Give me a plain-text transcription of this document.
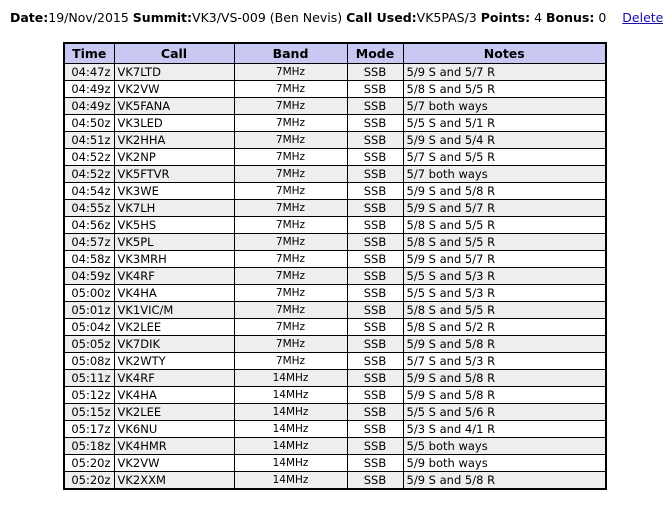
Date:19/Nov/2015 Summit:VK3/VS-009 (Ben Nevis) Call Used:VK5PAS/3 Points: 4 Bonus: 0 Delete
Time	Call	Band	Mode	Notes
04:47z	VK7LTD	7MHz	SSB	5/9 S and 5/7 R
04:49z	VK2VW	7MHz	SSB	5/8 S and 5/5 R
04:49z	VK5FANA	7MHz	SSB	5/7 both ways
04:50z	VK3LED	7MHz	SSB	5/5 S and 5/1 R
04:51z	VK2HHA	7MHz	SSB	5/9 S and 5/4 R
04:52z	VK2NP	7MHz	SSB	5/7 S and 5/5 R
04:52z	VK5FTVR	7MHz	SSB	5/7 both ways
04:54z	VK3WE	7MHz	SSB	5/9 S and 5/8 R
04:55z	VK7LH	7MHz	SSB	5/9 S and 5/7 R
04:56z	VK5HS	7MHz	SSB	5/8 S and 5/5 R
04:57z	VK5PL	7MHz	SSB	5/8 S and 5/5 R
04:58z	VK3MRH	7MHz	SSB	5/9 S and 5/7 R
04:59z	VK4RF	7MHz	SSB	5/5 S and 5/3 R
05:00z	VK4HA	7MHz	SSB	5/5 S and 5/3 R
05:01z	VK1VIC/M	7MHz	SSB	5/8 S and 5/5 R
05:04z	VK2LEE	7MHz	SSB	5/8 S and 5/2 R
05:05z	VK7DIK	7MHz	SSB	5/9 S and 5/8 R
05:08z	VK2WTY	7MHz	SSB	5/7 S and 5/3 R
05:11z	VK4RF	14MHz	SSB	5/9 S and 5/8 R
05:12z	VK4HA	14MHz	SSB	5/9 S and 5/8 R
05:15z	VK2LEE	14MHz	SSB	5/5 S and 5/6 R
05:17z	VK6NU	14MHz	SSB	5/3 S and 4/1 R
05:18z	VK4HMR	14MHz	SSB	5/5 both ways
05:20z	VK2VW	14MHz	SSB	5/9 both ways
05:20z	VK2XXM	14MHz	SSB	5/9 S and 5/8 R
